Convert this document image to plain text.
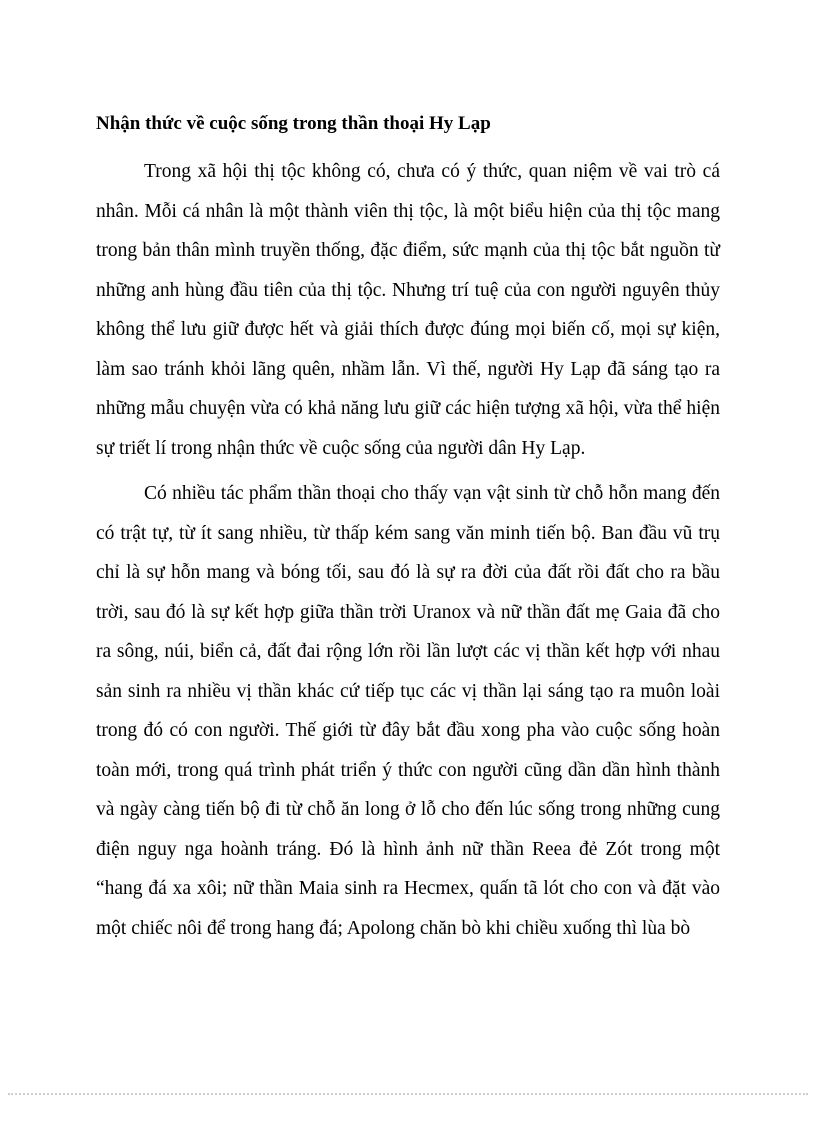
Nhận thức về cuộc sống trong thần thoại Hy Lạp

Trong xã hội thị tộc không có, chưa có ý thức, quan niệm về vai trò cá nhân. Mỗi cá nhân là một thành viên thị tộc, là một biểu hiện của thị tộc mang trong bản thân mình truyền thống, đặc điểm, sức mạnh của thị tộc bắt nguồn từ những anh hùng đầu tiên của thị tộc. Nhưng trí tuệ của con người nguyên thủy không thể lưu giữ được hết và giải thích được đúng mọi biến cố, mọi sự kiện, làm sao tránh khỏi lãng quên, nhầm lẫn. Vì thế, người Hy Lạp đã sáng tạo ra những mẫu chuyện vừa có khả năng lưu giữ các hiện tượng xã hội, vừa thể hiện sự triết lí trong nhận thức về cuộc sống của người dân Hy Lạp.

Có nhiều tác phẩm thần thoại cho thấy vạn vật sinh từ chỗ hỗn mang đến có trật tự, từ ít sang nhiều, từ thấp kém sang văn minh tiến bộ. Ban đầu vũ trụ chỉ là sự hỗn mang và bóng tối, sau đó là sự ra đời của đất rồi đất cho ra bầu trời, sau đó là sự kết hợp giữa thần trời Uranox và nữ thần đất mẹ Gaia đã cho ra sông, núi, biển cả, đất đai rộng lớn rồi lần lượt các vị thần kết hợp với nhau sản sinh ra nhiều vị thần khác cứ tiếp tục các vị thần lại sáng tạo ra muôn loài trong đó có con người. Thế giới từ đây bắt đầu xong pha vào cuộc sống hoàn toàn mới, trong quá trình phát triển ý thức con người cũng dần dần hình thành và ngày càng tiến bộ đi từ chỗ ăn long ở lỗ cho đến lúc sống trong những cung điện nguy nga hoành tráng. Đó là hình ảnh nữ thần Reea đẻ Zót trong một “hang đá xa xôi; nữ thần Maia sinh ra Hecmex, quấn tã lót cho con và đặt vào một chiếc nôi để trong hang đá; Apolong chăn bò khi chiều xuống thì lùa bò
